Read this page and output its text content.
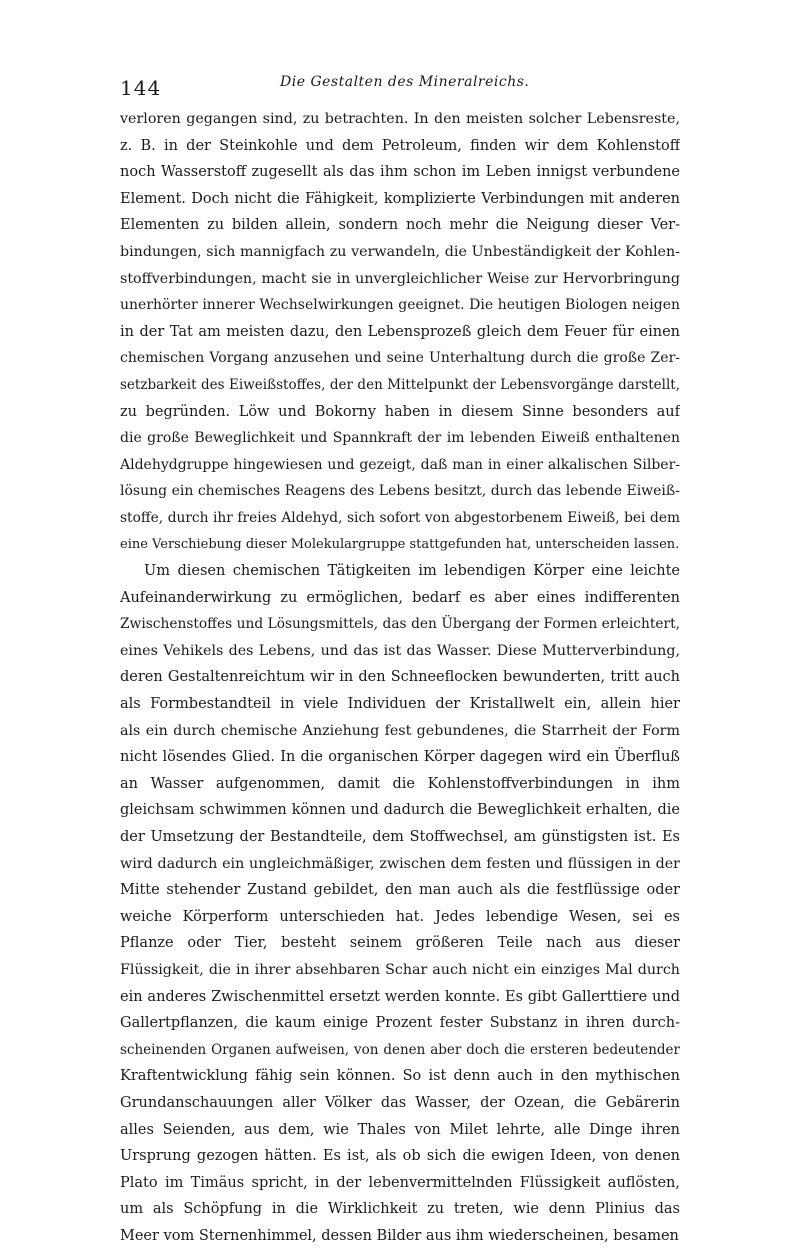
144	Die Gestalten des Mineralreichs.
verloren gegangen sind, zu betrachten. In den meisten solcher Lebensreste,
z. B. in der Steinkohle und dem Petroleum, finden wir dem Kohlenstoff
noch Wasserstoff zugesellt als das ihm schon im Leben innigst verbundene
Element. Doch nicht die Fähigkeit, komplizierte Verbindungen mit anderen
Elementen zu bilden allein, sondern noch mehr die Neigung dieser Ver-
bindungen, sich mannigfach zu verwandeln, die Unbeständigkeit der Kohlen-
stoffverbindungen, macht sie in unvergleichlicher Weise zur Hervorbringung
unerhörter innerer Wechselwirkungen geeignet. Die heutigen Biologen neigen
in der Tat am meisten dazu, den Lebensprozeß gleich dem Feuer für einen
chemischen Vorgang anzusehen und seine Unterhaltung durch die große Zer-
setzbarkeit des Eiweißstoffes, der den Mittelpunkt der Lebensvorgänge darstellt,
zu begründen. Löw und Bokorny haben in diesem Sinne besonders auf
die große Beweglichkeit und Spannkraft der im lebenden Eiweiß enthaltenen
Aldehydgruppe hingewiesen und gezeigt, daß man in einer alkalischen Silber-
lösung ein chemisches Reagens des Lebens besitzt, durch das lebende Eiweiß-
stoffe, durch ihr freies Aldehyd, sich sofort von abgestorbenem Eiweiß, bei dem
eine Verschiebung dieser Molekulargruppe stattgefunden hat, unterscheiden lassen.
Um diesen chemischen Tätigkeiten im lebendigen Körper eine leichte
Aufeinanderwirkung zu ermöglichen, bedarf es aber eines indifferenten
Zwischenstoffes und Lösungsmittels, das den Übergang der Formen erleichtert,
eines Vehikels des Lebens, und das ist das Wasser. Diese Mutterverbindung,
deren Gestaltenreichtum wir in den Schneeflocken bewunderten, tritt auch
als Formbestandteil in viele Individuen der Kristallwelt ein, allein hier
als ein durch chemische Anziehung fest gebundenes, die Starrheit der Form
nicht lösendes Glied. In die organischen Körper dagegen wird ein Überfluß
an Wasser aufgenommen, damit die Kohlenstoffverbindungen in ihm
gleichsam schwimmen können und dadurch die Beweglichkeit erhalten, die
der Umsetzung der Bestandteile, dem Stoffwechsel, am günstigsten ist. Es
wird dadurch ein ungleichmäßiger, zwischen dem festen und flüssigen in der
Mitte stehender Zustand gebildet, den man auch als die festflüssige oder
weiche Körperform unterschieden hat. Jedes lebendige Wesen, sei es
Pflanze oder Tier, besteht seinem größeren Teile nach aus dieser
Flüssigkeit, die in ihrer absehbaren Schar auch nicht ein einziges Mal durch
ein anderes Zwischenmittel ersetzt werden konnte. Es gibt Gallerttiere und
Gallertpflanzen, die kaum einige Prozent fester Substanz in ihren durch-
scheinenden Organen aufweisen, von denen aber doch die ersteren bedeutender
Kraftentwicklung fähig sein können. So ist denn auch in den mythischen
Grundanschauungen aller Völker das Wasser, der Ozean, die Gebärerin
alles Seienden, aus dem, wie Thales von Milet lehrte, alle Dinge ihren
Ursprung gezogen hätten. Es ist, als ob sich die ewigen Ideen, von denen
Plato im Timäus spricht, in der lebenvermittelnden Flüssigkeit auflösten,
um als Schöpfung in die Wirklichkeit zu treten, wie denn Plinius das
Meer vom Sternenhimmel, dessen Bilder aus ihm wiederscheinen, besamen
